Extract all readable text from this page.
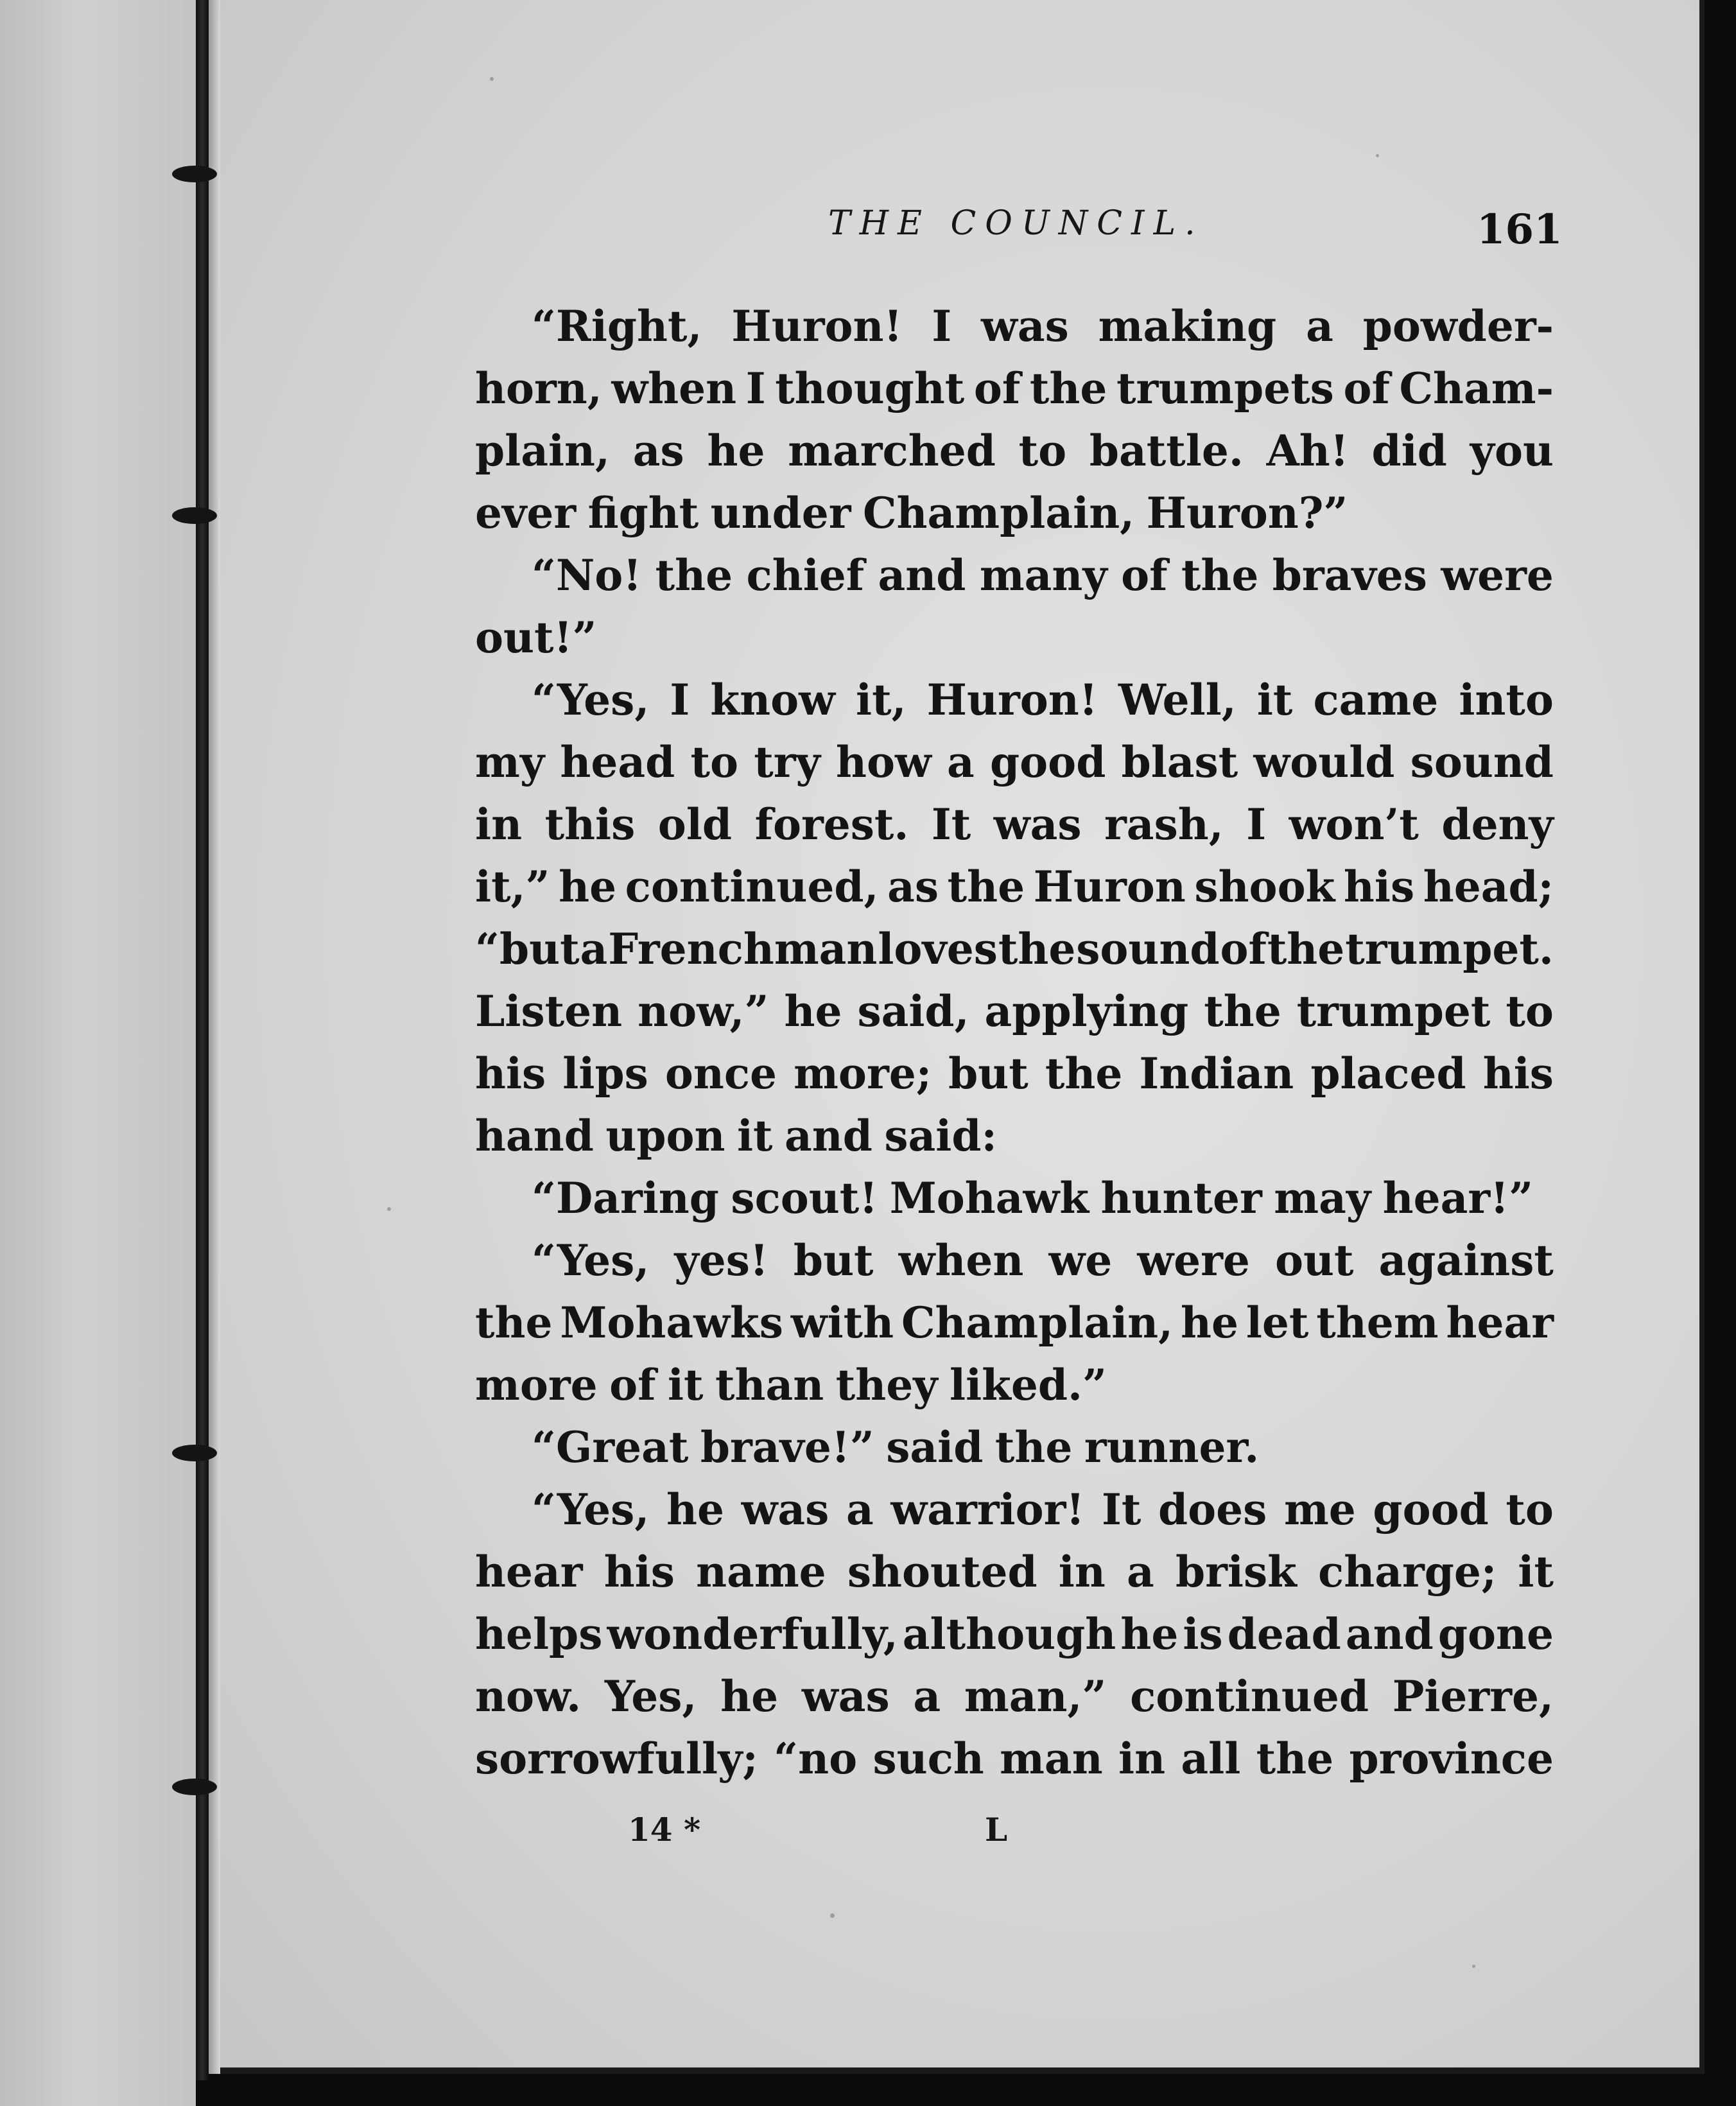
THE COUNCIL.	161
“Right, Huron! I was making a powder-
horn, when I thought of the trumpets of Cham-
plain, as he marched to battle. Ah! did you
ever fight under Champlain, Huron?”
“No! the chief and many of the braves were
out!”
“Yes, I know it, Huron! Well, it came into
my head to try how a good blast would sound
in this old forest. It was rash, I won’t deny
it,” he continued, as the Huron shook his head;
“but a Frenchman loves the sound of the trumpet.
Listen now,” he said, applying the trumpet to
his lips once more; but the Indian placed his
hand upon it and said:
“Daring scout! Mohawk hunter may hear!”
“Yes, yes! but when we were out against
the Mohawks with Champlain, he let them hear
more of it than they liked.”
“Great brave!” said the runner.
“Yes, he was a warrior! It does me good to
hear his name shouted in a brisk charge; it
helps wonderfully, although he is dead and gone
now. Yes, he was a man,” continued Pierre,
sorrowfully; “no such man in all the province
14 *	L
